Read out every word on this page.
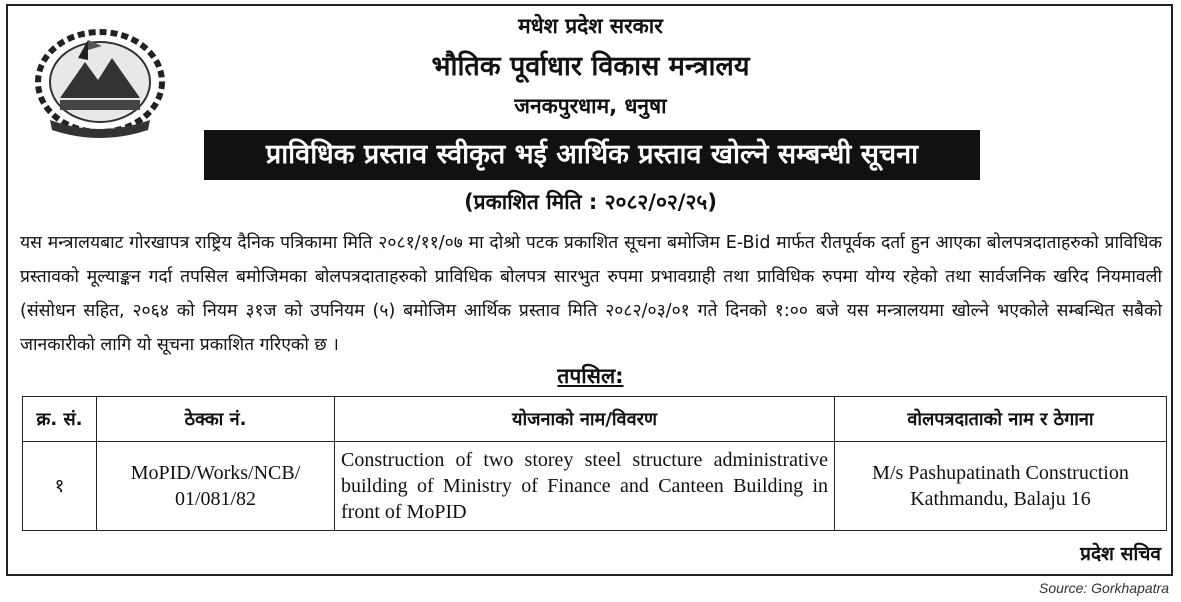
मधेश प्रदेश सरकार
भौतिक पूर्वाधार विकास मन्त्रालय
जनकपुरधाम, धनुषा
प्राविधिक प्रस्ताव स्वीकृत भई आर्थिक प्रस्ताव खोल्ने सम्बन्धी सूचना
(प्रकाशित मिति : २०८२/०२/२५)

यस मन्त्रालयबाट गोरखापत्र राष्ट्रिय दैनिक पत्रिकामा मिति २०८१/११/०७ मा दोश्रो पटक प्रकाशित सूचना बमोजिम E-Bid मार्फत रीतपूर्वक दर्ता हुन आएका बोलपत्रदाताहरुको प्राविधिक प्रस्तावको मूल्याङ्कन गर्दा तपसिल बमोजिमका बोलपत्रदाताहरुको प्राविधिक बोलपत्र सारभुत रुपमा प्रभावग्राही तथा प्राविधिक रुपमा योग्य रहेको तथा सार्वजनिक खरिद नियमावली (संसोधन सहित, २०६४ को नियम ३१ज को उपनियम (५) बमोजिम आर्थिक प्रस्ताव मिति २०८२/०३/०१ गते दिनको १:०० बजे यस मन्त्रालयमा खोल्ने भएकोले सम्बन्धित सबैको जानकारीको लागि यो सूचना प्रकाशित गरिएको छ ।

तपसिल:
क्र. सं.	ठेक्का नं.	योजनाको नाम/विवरण	वोलपत्रदाताको नाम र ठेगाना
१	MoPID/Works/NCB/ 01/081/82	Construction of two storey steel structure administrative building of Ministry of Finance and Canteen Building in front of MoPID	M/s Pashupatinath Construction Kathmandu, Balaju 16
प्रदेश सचिव
Source: Gorkhapatra
